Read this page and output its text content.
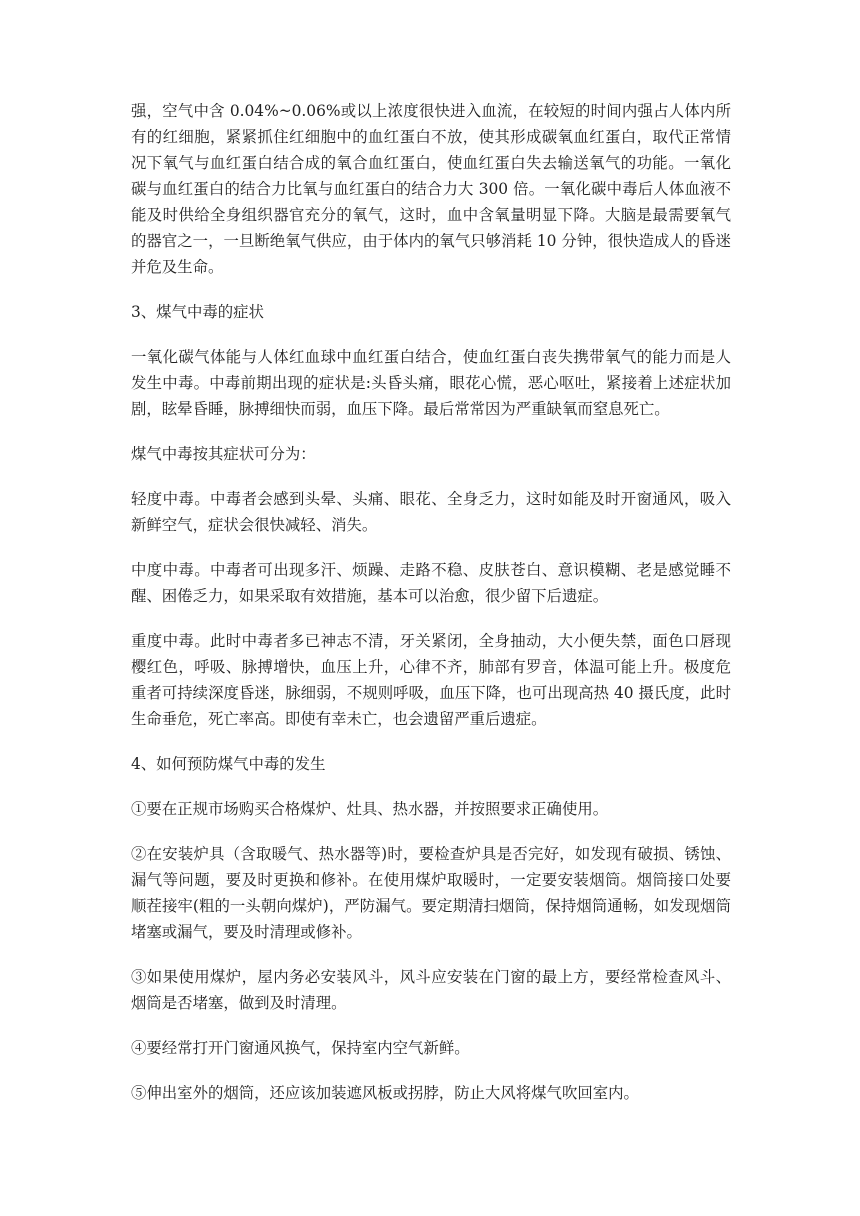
强，空气中含 0.04%~0.06%或以上浓度很快进入血流，在较短的时间内强占人体内所有的红细胞，紧紧抓住红细胞中的血红蛋白不放，使其形成碳氧血红蛋白，取代正常情况下氧气与血红蛋白结合成的氧合血红蛋白，使血红蛋白失去输送氧气的功能。一氧化碳与血红蛋白的结合力比氧与血红蛋白的结合力大 300 倍。一氧化碳中毒后人体血液不能及时供给全身组织器官充分的氧气，这时，血中含氧量明显下降。大脑是最需要氧气的器官之一，一旦断绝氧气供应，由于体内的氧气只够消耗 10 分钟，很快造成人的昏迷并危及生命。

3、煤气中毒的症状

一氧化碳气体能与人体红血球中血红蛋白结合，使血红蛋白丧失携带氧气的能力而是人发生中毒。中毒前期出现的症状是:头昏头痛，眼花心慌，恶心呕吐，紧接着上述症状加剧，眩晕昏睡，脉搏细快而弱，血压下降。最后常常因为严重缺氧而窒息死亡。

煤气中毒按其症状可分为：

轻度中毒。中毒者会感到头晕、头痛、眼花、全身乏力，这时如能及时开窗通风，吸入新鲜空气，症状会很快减轻、消失。

中度中毒。中毒者可出现多汗、烦躁、走路不稳、皮肤苍白、意识模糊、老是感觉睡不醒、困倦乏力，如果采取有效措施，基本可以治愈，很少留下后遗症。

重度中毒。此时中毒者多已神志不清，牙关紧闭，全身抽动，大小便失禁，面色口唇现樱红色，呼吸、脉搏增快，血压上升，心律不齐，肺部有罗音，体温可能上升。极度危重者可持续深度昏迷，脉细弱，不规则呼吸，血压下降，也可出现高热 40 摄氏度，此时生命垂危，死亡率高。即使有幸未亡，也会遗留严重后遗症。

4、如何预防煤气中毒的发生

①要在正规市场购买合格煤炉、灶具、热水器，并按照要求正确使用。

②在安装炉具（含取暖气、热水器等)时，要检查炉具是否完好，如发现有破损、锈蚀、漏气等问题，要及时更换和修补。在使用煤炉取暖时，一定要安装烟筒。烟筒接口处要顺茬接牢(粗的一头朝向煤炉)，严防漏气。要定期清扫烟筒，保持烟筒通畅，如发现烟筒堵塞或漏气，要及时清理或修补。

③如果使用煤炉，屋内务必安装风斗，风斗应安装在门窗的最上方，要经常检查风斗、烟筒是否堵塞，做到及时清理。

④要经常打开门窗通风换气，保持室内空气新鲜。

⑤伸出室外的烟筒，还应该加装遮风板或拐脖，防止大风将煤气吹回室内。
